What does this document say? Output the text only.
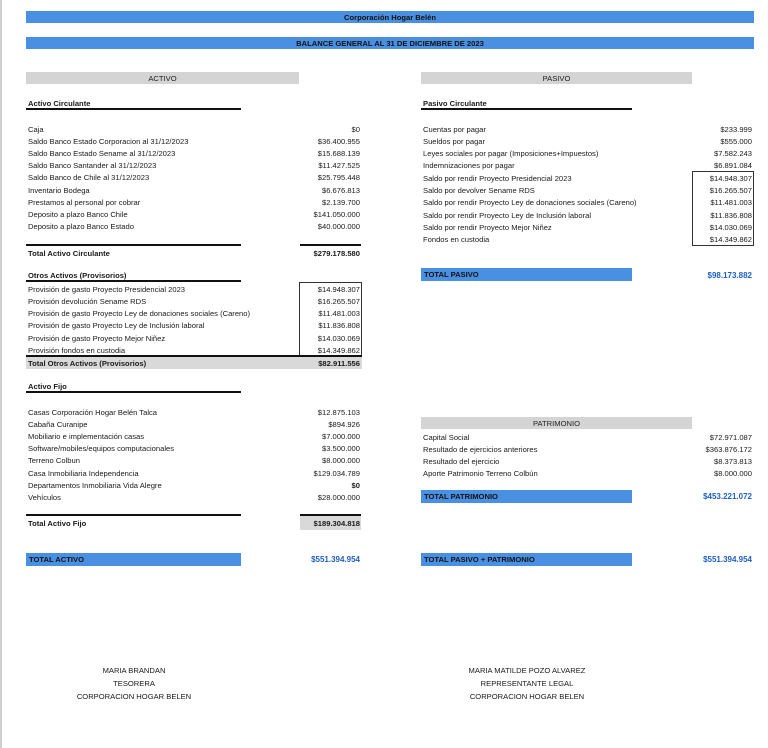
Corporación Hogar Belén
BALANCE GENERAL AL 31 DE DICIEMBRE DE 2023
ACTIVO	PASIVO
Activo Circulante
Caja	$0
Saldo Banco Estado Corporacion al 31/12/2023	$36.400.955
Saldo Banco Estado Sename al 31/12/2023	$15.688.139
Saldo Banco Santander al 31/12/2023	$11.427.525
Saldo Banco de Chile al 31/12/2023	$25.795.448
Inventario Bodega	$6.676.813
Prestamos al personal por cobrar	$2.139.700
Deposito a plazo Banco Chile	$141.050.000
Deposito a plazo Banco Estado	$40.000.000
Total Activo Circulante	$279.178.580
Otros Activos (Provisorios)
Provisión de gasto Proyecto Presidencial 2023	$14.948.307
Provisión devolución Sename RDS	$16.265.507
Provisión de gasto Proyecto Ley de donaciones sociales (Careno)	$11.481.003
Provisión de gasto Proyecto Ley de Inclusión laboral	$11.836.808
Provisión de gasto Proyecto Mejor Niñez	$14.030.069
Provisión fondos en custodia	$14.349.862
Total Otros Activos (Provisorios)	$82.911.556
Activo Fijo
Casas Corporación Hogar Belén Talca	$12.875.103
Cabaña Curanipe	$894.926
Mobiliario e implementación casas	$7.000.000
Software/mobiles/equipos computacionales	$3.500.000
Terreno Colbun	$8.000.000
Casa Inmobiliaria Independencia	$129.034.789
Departamentos Inmobiliaria Vida Alegre	$0
Vehículos	$28.000.000
Total Activo Fijo	$189.304.818
TOTAL ACTIVO	$551.394.954
Pasivo Circulante
Cuentas por pagar	$233.999
Sueldos por pagar	$555.000
Leyes sociales por pagar (Imposiciones+Impuestos)	$7.582.243
Indemnizaciones por pagar	$6.891.084
Saldo por rendir Proyecto Presidencial 2023	$14.948.307
Saldo por devolver Sename RDS	$16.265.507
Saldo por rendir Proyecto Ley de donaciones sociales (Careno)	$11.481.003
Saldo por rendir Proyecto Ley de Inclusión laboral	$11.836.808
Saldo por rendir Proyecto Mejor Niñez	$14.030.069
Fondos en custodia	$14.349.862
TOTAL PASIVO	$98.173.882
PATRIMONIO
Capital Social	$72.971.087
Resultado de ejercicios anteriores	$363.876.172
Resultado del ejercicio	$8.373.813
Aporte Patrimonio Terreno Colbún	$8.000.000
TOTAL PATRIMONIO	$453.221.072
TOTAL PASIVO + PATRIMONIO	$551.394.954
MARIA BRANDAN
TESORERA
CORPORACION HOGAR BELEN
MARIA MATILDE POZO ALVAREZ
REPRESENTANTE LEGAL
CORPORACION HOGAR BELEN
